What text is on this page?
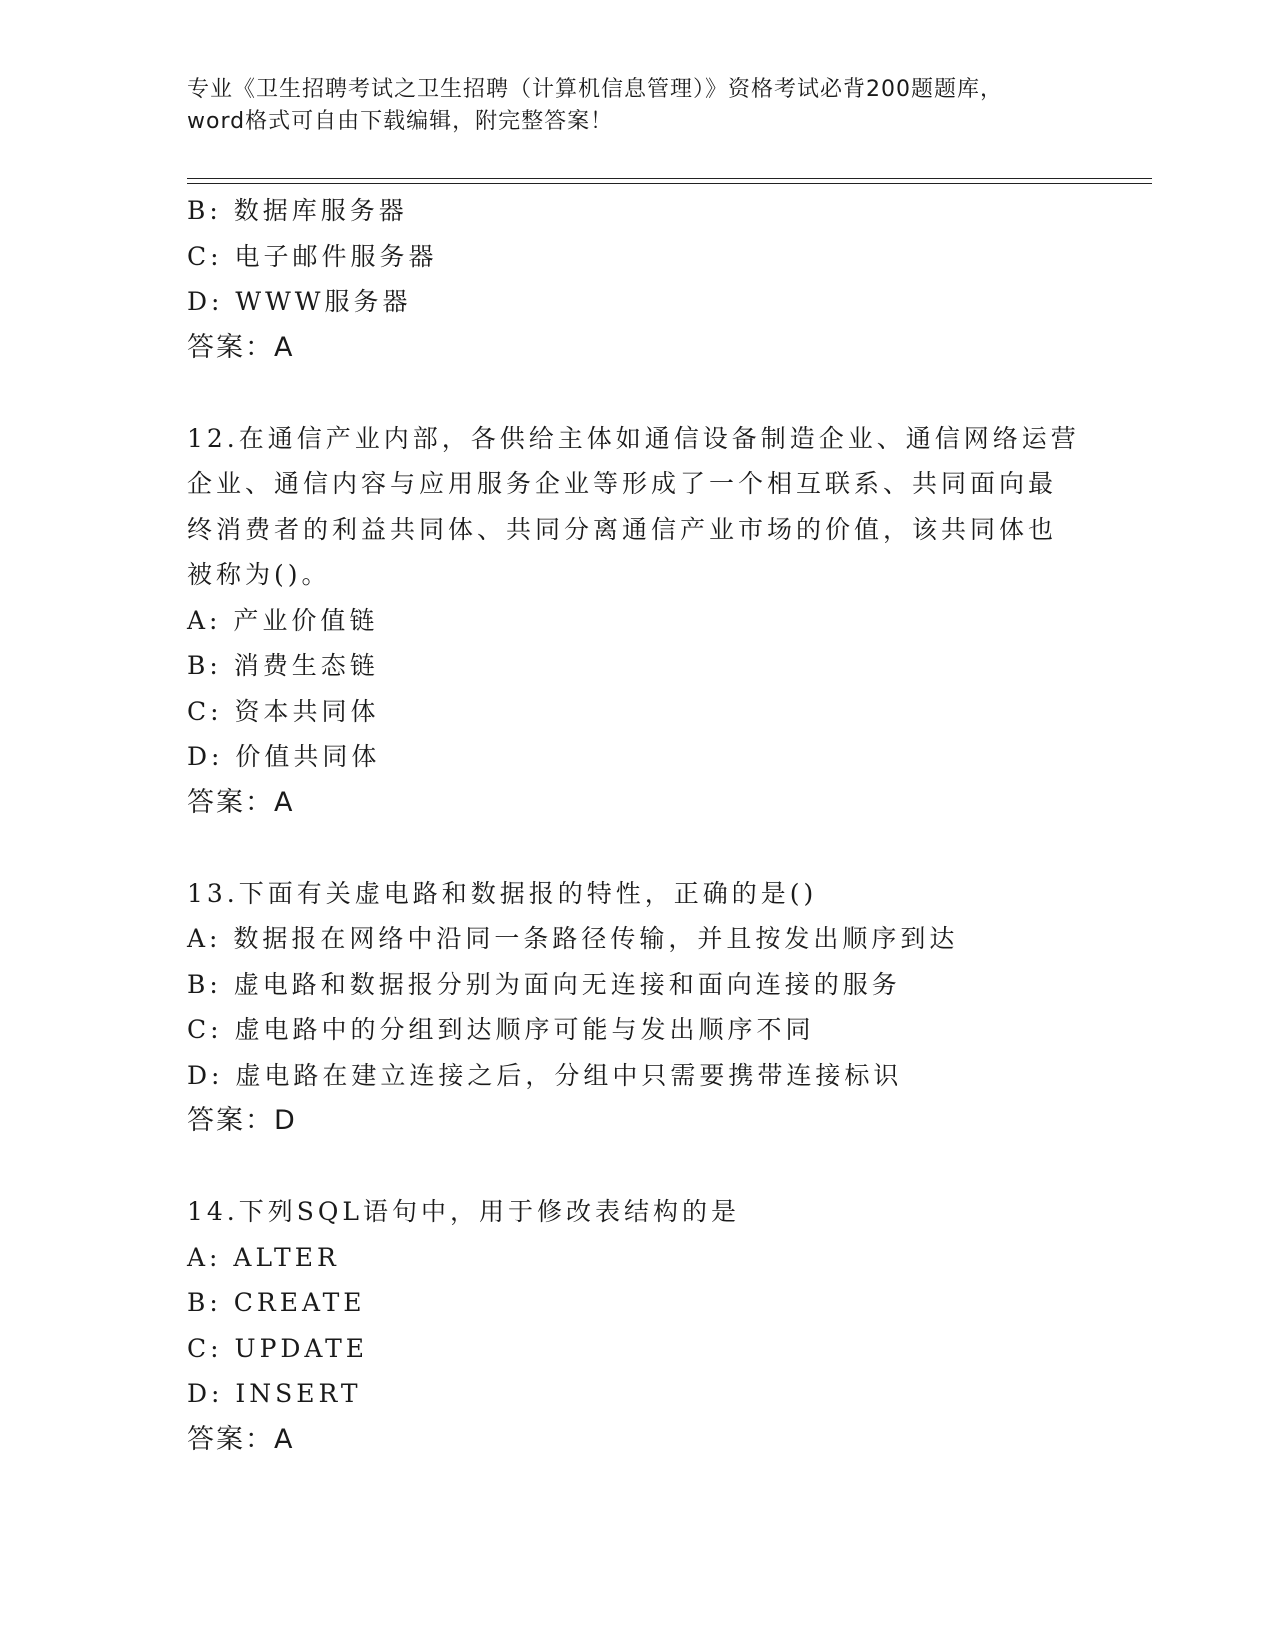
专业《卫生招聘考试之卫生招聘（计算机信息管理）》资格考试必背200题题库，
word格式可自由下载编辑，附完整答案！
B: 数据库服务器
C: 电子邮件服务器
D: WWW服务器
答案：A
12.在通信产业内部，各供给主体如通信设备制造企业、通信网络运营
企业、通信内容与应用服务企业等形成了一个相互联系、共同面向最
终消费者的利益共同体、共同分离通信产业市场的价值，该共同体也
被称为()。
A: 产业价值链
B: 消费生态链
C: 资本共同体
D: 价值共同体
答案：A
13.下面有关虚电路和数据报的特性，正确的是()
A: 数据报在网络中沿同一条路径传输，并且按发出顺序到达
B: 虚电路和数据报分别为面向无连接和面向连接的服务
C: 虚电路中的分组到达顺序可能与发出顺序不同
D: 虚电路在建立连接之后，分组中只需要携带连接标识
答案：D
14.下列SQL语句中，用于修改表结构的是
A: ALTER
B: CREATE
C: UPDATE
D: INSERT
答案：A
